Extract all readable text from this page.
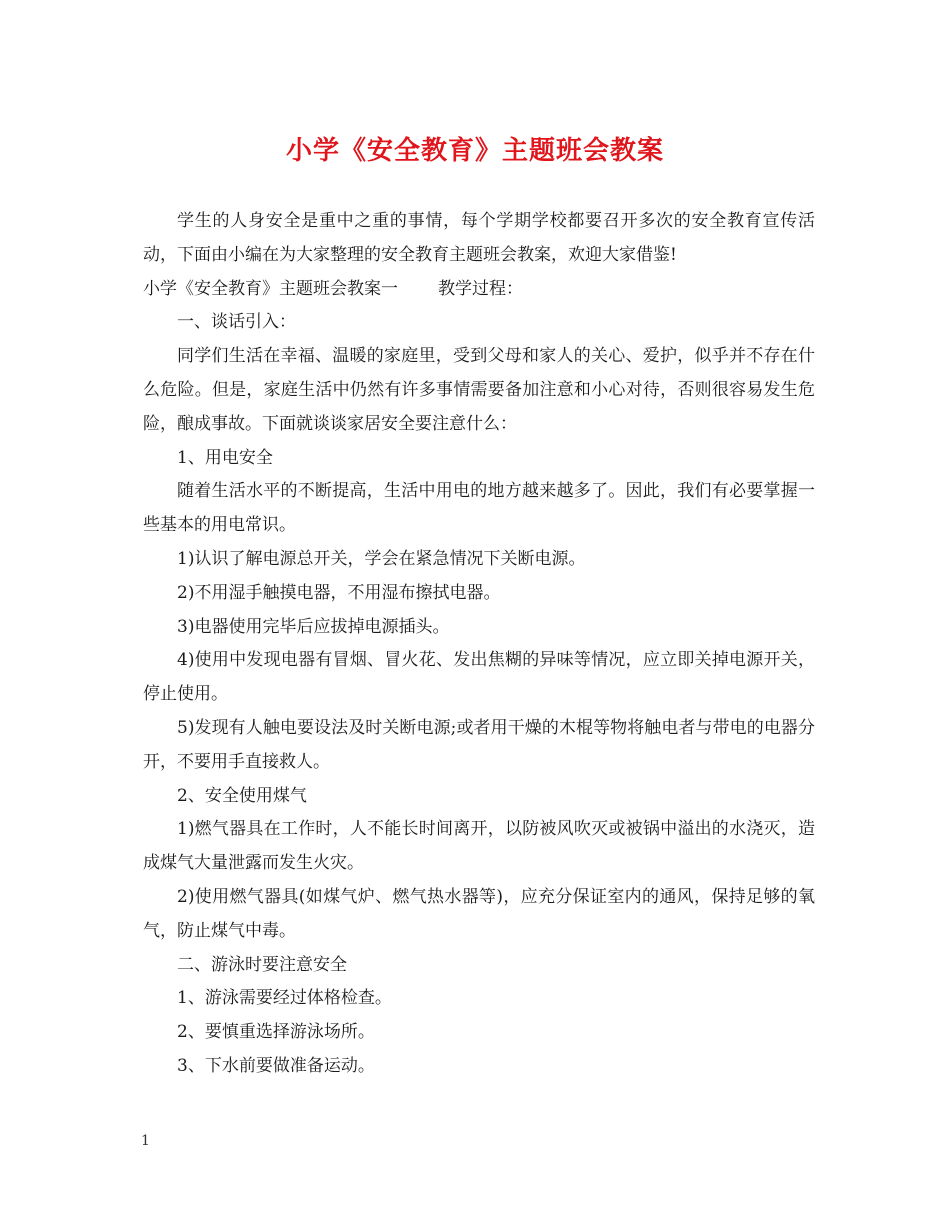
小学《安全教育》主题班会教案

学生的人身安全是重中之重的事情，每个学期学校都要召开多次的安全教育宣传活动，下面由小编在为大家整理的安全教育主题班会教案，欢迎大家借鉴!

小学《安全教育》主题班会教案一 教学过程：

一、谈话引入：

同学们生活在幸福、温暖的家庭里，受到父母和家人的关心、爱护，似乎并不存在什么危险。但是，家庭生活中仍然有许多事情需要备加注意和小心对待，否则很容易发生危险，酿成事故。下面就谈谈家居安全要注意什么：

1、用电安全

随着生活水平的不断提高，生活中用电的地方越来越多了。因此，我们有必要掌握一些基本的用电常识。

1)认识了解电源总开关，学会在紧急情况下关断电源。

2)不用湿手触摸电器，不用湿布擦拭电器。

3)电器使用完毕后应拔掉电源插头。

4)使用中发现电器有冒烟、冒火花、发出焦糊的异味等情况，应立即关掉电源开关，停止使用。

5)发现有人触电要设法及时关断电源;或者用干燥的木棍等物将触电者与带电的电器分开，不要用手直接救人。

2、安全使用煤气

1)燃气器具在工作时，人不能长时间离开，以防被风吹灭或被锅中溢出的水浇灭，造成煤气大量泄露而发生火灾。

2)使用燃气器具(如煤气炉、燃气热水器等)，应充分保证室内的通风，保持足够的氧气，防止煤气中毒。

二、游泳时要注意安全

1、游泳需要经过体格检查。

2、要慎重选择游泳场所。

3、下水前要做准备运动。

1
